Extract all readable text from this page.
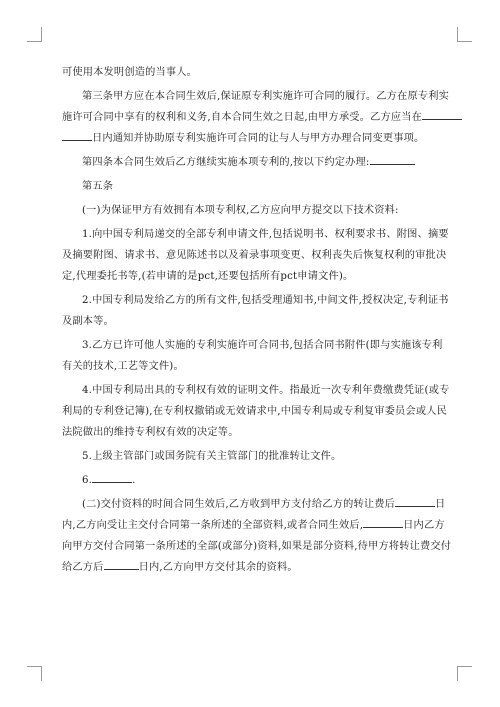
可使用本发明创造的当事人。

第三条甲方应在本合同生效后,保证原专利实施许可合同的履行。乙方在原专利实
施许可合同中享有的权利和义务,自本合同生效之日起,由甲方承受。乙方应当在
日内通知并协助原专利实施许可合同的让与人与甲方办理合同变更事项。

第四条本合同生效后乙方继续实施本项专利的,按以下约定办理:

第五条

(一)为保证甲方有效拥有本项专利权,乙方应向甲方提交以下技术资料:

1.向中国专利局递交的全部专利申请文件,包括说明书、权利要求书、附图、摘要
及摘要附图、请求书、意见陈述书以及着录事项变更、权利丧失后恢复权利的审批决
定,代理委托书等,(若申请的是pct,还要包括所有pct申请文件)。

2.中国专利局发给乙方的所有文件,包括受理通知书,中间文件,授权决定,专利证书
及副本等。

3.乙方已许可他人实施的专利实施许可合同书,包括合同书附件(即与实施该专利
有关的技术,工艺等文件)。

4.中国专利局出具的专利权有效的证明文件。指最近一次专利年费缴费凭证(或专
利局的专利登记簿),在专利权撤销或无效请求中,中国专利局或专利复审委员会或人民
法院做出的维持专利权有效的决定等。

5.上级主管部门或国务院有关主管部门的批准转让文件。

6.	.

(二)交付资料的时间合同生效后,乙方收到甲方支付给乙方的转让费后	日
内,乙方向受让主交付合同第一条所述的全部资料,或者合同生效后,	日内乙方
向甲方交付合同第一条所述的全部(或部分)资料,如果是部分资料,待甲方将转让费交付
给乙方后	日内,乙方向甲方交付其余的资料。
